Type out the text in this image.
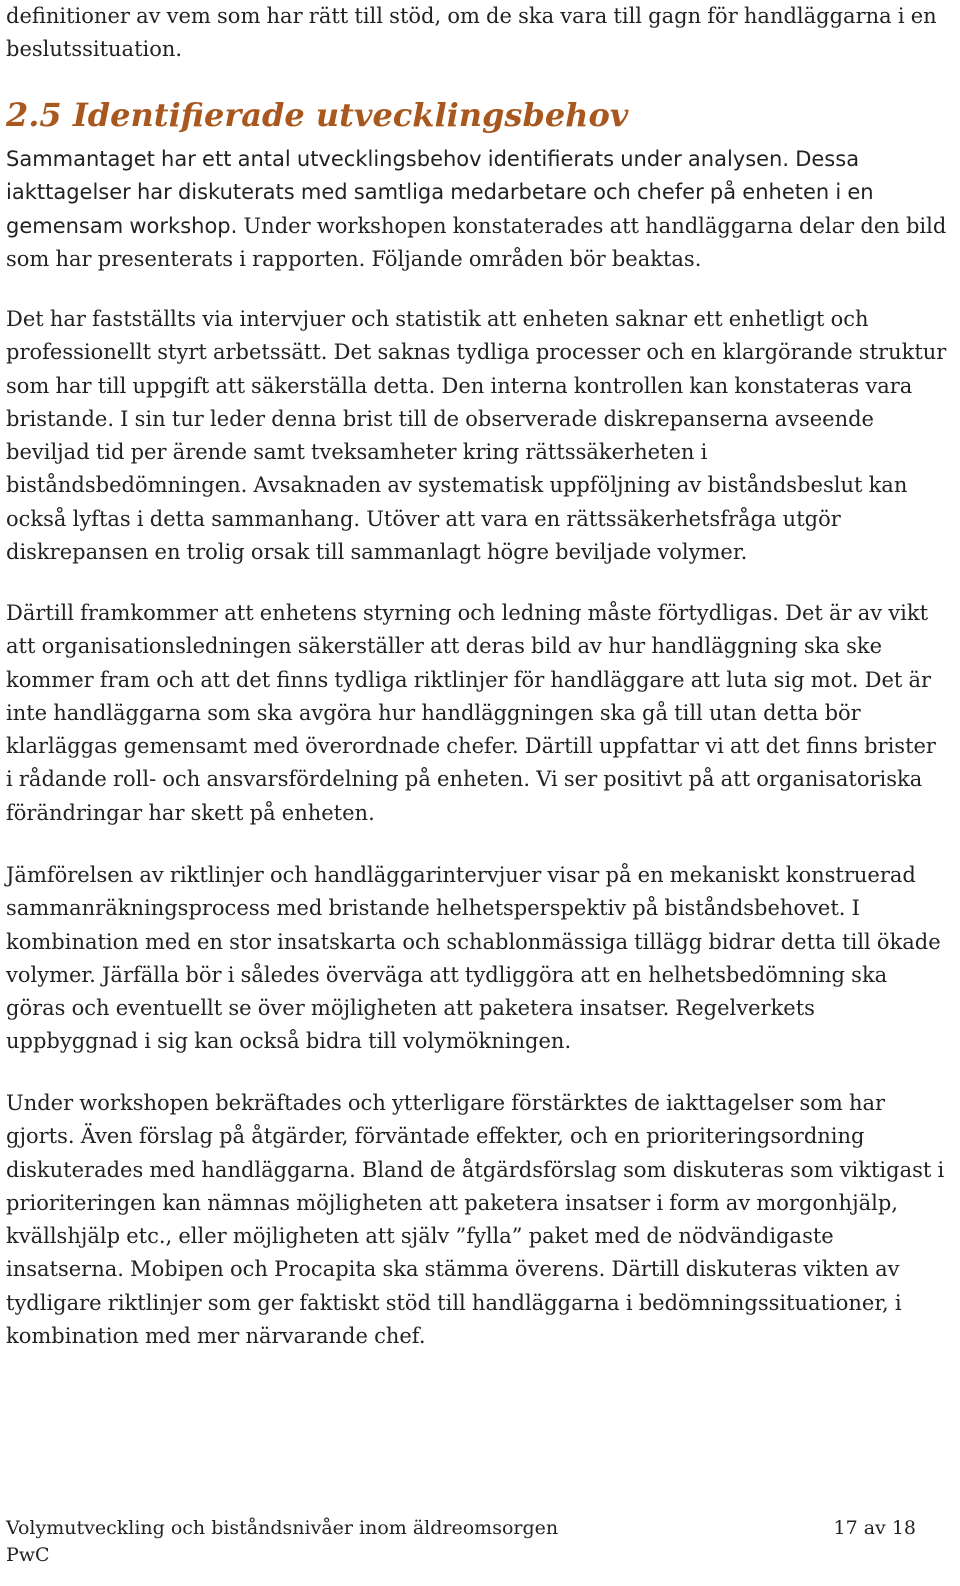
definitioner av vem som har rätt till stöd, om de ska vara till gagn för handläggarna i en beslutssituation.

2.5 Identifierade utvecklingsbehov

Sammantaget har ett antal utvecklingsbehov identifierats under analysen. Dessa iakttagelser har diskuterats med samtliga medarbetare och chefer på enheten i en gemensam workshop. Under workshopen konstaterades att handläggarna delar den bild som har presenterats i rapporten. Följande områden bör beaktas.

Det har fastställts via intervjuer och statistik att enheten saknar ett enhetligt och professionellt styrt arbetssätt. Det saknas tydliga processer och en klargörande struktur som har till uppgift att säkerställa detta. Den interna kontrollen kan konstateras vara bristande. I sin tur leder denna brist till de observerade diskrepanserna avseende beviljad tid per ärende samt tveksamheter kring rättssäkerheten i biståndsbedömningen. Avsaknaden av systematisk uppföljning av biståndsbeslut kan också lyftas i detta sammanhang. Utöver att vara en rättssäkerhetsfråga utgör diskrepansen en trolig orsak till sammanlagt högre beviljade volymer.

Därtill framkommer att enhetens styrning och ledning måste förtydligas. Det är av vikt att organisationsledningen säkerställer att deras bild av hur handläggning ska ske kommer fram och att det finns tydliga riktlinjer för handläggare att luta sig mot. Det är inte handläggarna som ska avgöra hur handläggningen ska gå till utan detta bör klarläggas gemensamt med överordnade chefer. Därtill uppfattar vi att det finns brister i rådande roll- och ansvarsfördelning på enheten. Vi ser positivt på att organisatoriska förändringar har skett på enheten.

Jämförelsen av riktlinjer och handläggarintervjuer visar på en mekaniskt konstruerad sammanräkningsprocess med bristande helhetsperspektiv på biståndsbehovet. I kombination med en stor insatskarta och schablonmässiga tillägg bidrar detta till ökade volymer. Järfälla bör i således överväga att tydliggöra att en helhetsbedömning ska göras och eventuellt se över möjligheten att paketera insatser. Regelverkets uppbyggnad i sig kan också bidra till volymökningen.

Under workshopen bekräftades och ytterligare förstärktes de iakttagelser som har gjorts. Även förslag på åtgärder, förväntade effekter, och en prioriteringsordning diskuterades med handläggarna. Bland de åtgärdsförslag som diskuteras som viktigast i prioriteringen kan nämnas möjligheten att paketera insatser i form av morgonhjälp, kvällshjälp etc., eller möjligheten att själv ”fylla” paket med de nödvändigaste insatserna. Mobipen och Procapita ska stämma överens. Därtill diskuteras vikten av tydligare riktlinjer som ger faktiskt stöd till handläggarna i bedömningssituationer, i kombination med mer närvarande chef.

Volymutveckling och biståndsnivåer inom äldreomsorgen	17 av 18
PwC
